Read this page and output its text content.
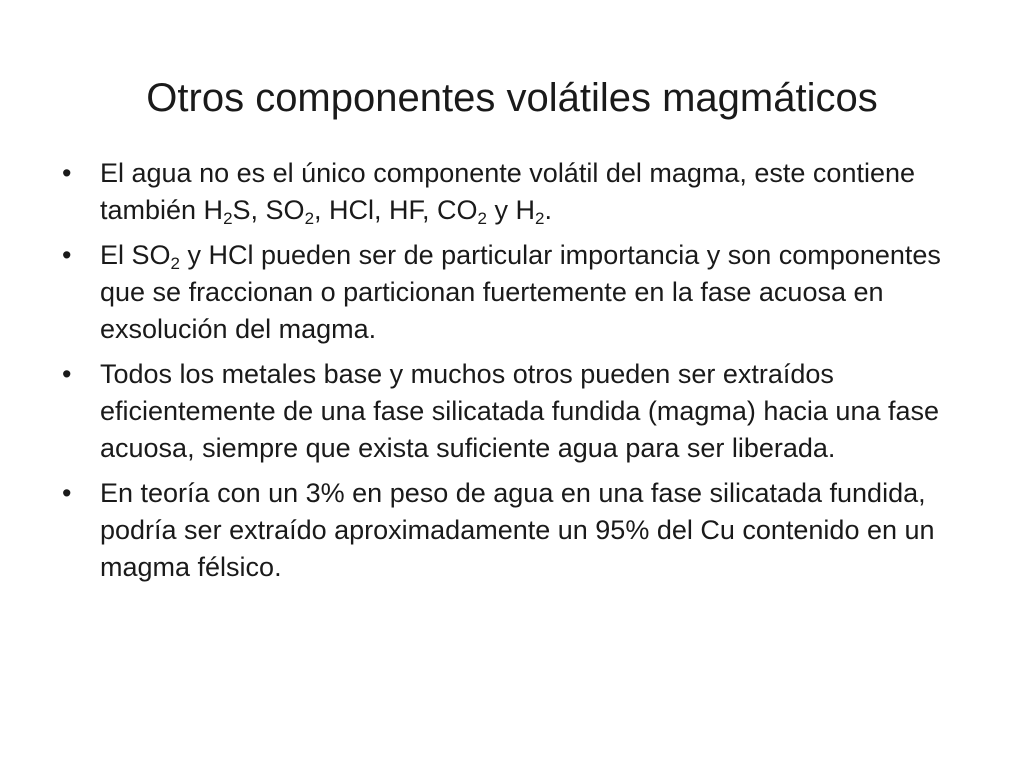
Otros componentes volátiles magmáticos
• El agua no es el único componente volátil del magma, este contiene también $H_2S$, $SO_2$, HCl, HF, $CO_2$ y $H_2$.
• El $SO_2$ y HCl pueden ser de particular importancia y son componentes que se fraccionan o particionan fuertemente en la fase acuosa en exsolución del magma.
• Todos los metales base y muchos otros pueden ser extraídos eficientemente de una fase silicatada fundida (magma) hacia una fase acuosa, siempre que exista suficiente agua para ser liberada.
• En teoría con un 3% en peso de agua en una fase silicatada fundida, podría ser extraído aproximadamente un 95% del Cu contenido en un magma félsico.
